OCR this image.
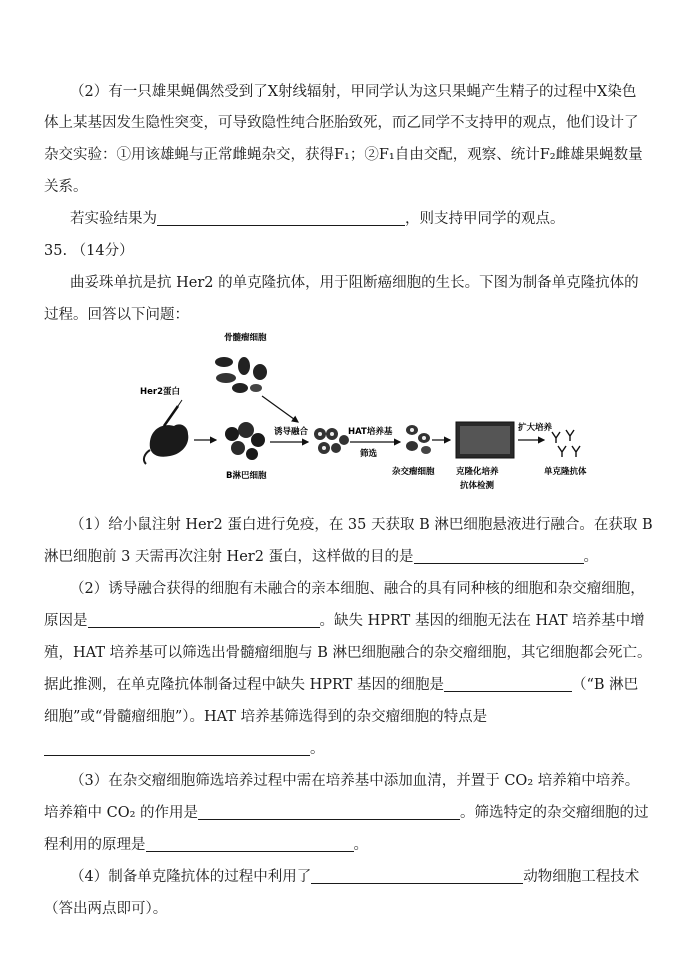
（2）有一只雄果蝇偶然受到了X射线辐射，甲同学认为这只果蝇产生精子的过程中X染色
体上某基因发生隐性突变，可导致隐性纯合胚胎致死，而乙同学不支持甲的观点，他们设计了
杂交实验：①用该雄蝇与正常雌蝇杂交，获得F₁；②F₁自由交配，观察、统计F₂雌雄果蝇数量
关系。
若实验结果为	，则支持甲同学的观点。
35. （14分）
曲妥珠单抗是抗 Her2 的单克隆抗体，用于阻断癌细胞的生长。下图为制备单克隆抗体的
过程。回答以下问题：
骨髓瘤细胞
Her2蛋白
B淋巴细胞
诱导融合	HAT培养基
筛选
杂交瘤细胞	克隆化培养
抗体检测
扩大培养
单克隆抗体
（1）给小鼠注射 Her2 蛋白进行免疫，在 35 天获取 B 淋巴细胞悬液进行融合。在获取 B
淋巴细胞前 3 天需再次注射 Her2 蛋白，这样做的目的是	。
（2）诱导融合获得的细胞有未融合的亲本细胞、融合的具有同种核的细胞和杂交瘤细胞，
原因是	。缺失 HPRT 基因的细胞无法在 HAT 培养基中增
殖，HAT 培养基可以筛选出骨髓瘤细胞与 B 淋巴细胞融合的杂交瘤细胞，其它细胞都会死亡。
据此推测，在单克隆抗体制备过程中缺失 HPRT 基因的细胞是	（“B 淋巴
细胞”或“骨髓瘤细胞”）。HAT 培养基筛选得到的杂交瘤细胞的特点是
。
（3）在杂交瘤细胞筛选培养过程中需在培养基中添加血清，并置于 CO₂ 培养箱中培养。
培养箱中 CO₂ 的作用是	。筛选特定的杂交瘤细胞的过
程利用的原理是	。
（4）制备单克隆抗体的过程中利用了	动物细胞工程技术
（答出两点即可）。
